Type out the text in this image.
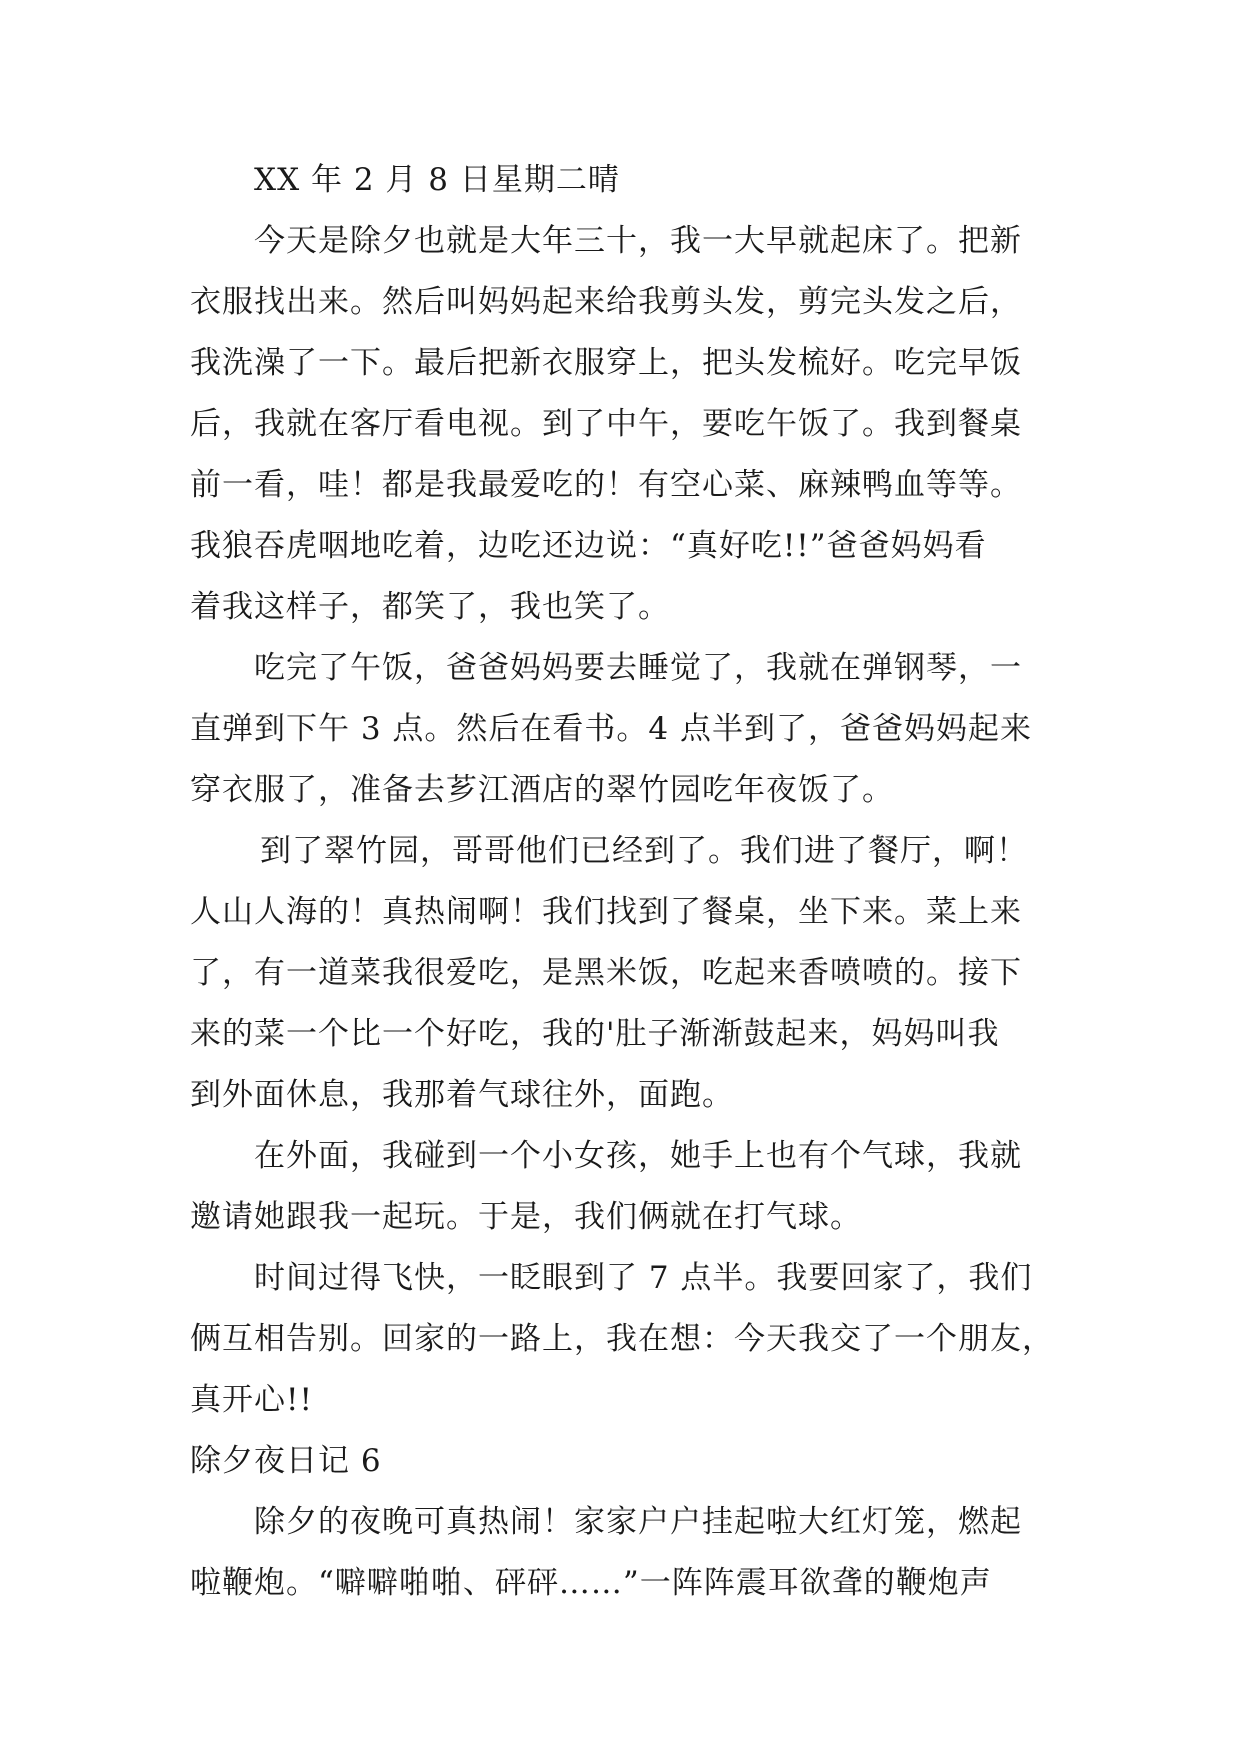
XX 年 2 月 8 日星期二晴
今天是除夕也就是大年三十，我一大早就起床了。把新
衣服找出来。然后叫妈妈起来给我剪头发，剪完头发之后，
我洗澡了一下。最后把新衣服穿上，把头发梳好。吃完早饭
后，我就在客厅看电视。到了中午，要吃午饭了。我到餐桌
前一看，哇！都是我最爱吃的！有空心菜、麻辣鸭血等等。
我狼吞虎咽地吃着，边吃还边说：“真好吃!!”爸爸妈妈看
着我这样子，都笑了，我也笑了。
吃完了午饭，爸爸妈妈要去睡觉了，我就在弹钢琴，一
直弹到下午 3 点。然后在看书。4 点半到了，爸爸妈妈起来
穿衣服了，准备去芗江酒店的翠竹园吃年夜饭了。
到了翠竹园，哥哥他们已经到了。我们进了餐厅，啊！
人山人海的！真热闹啊！我们找到了餐桌，坐下来。菜上来
了，有一道菜我很爱吃，是黑米饭，吃起来香喷喷的。接下
来的菜一个比一个好吃，我的'肚子渐渐鼓起来，妈妈叫我
到外面休息，我那着气球往外，面跑。
在外面，我碰到一个小女孩，她手上也有个气球，我就
邀请她跟我一起玩。于是，我们俩就在打气球。
时间过得飞快，一眨眼到了 7 点半。我要回家了，我们
俩互相告别。回家的一路上，我在想：今天我交了一个朋友，
真开心!!
除夕夜日记 6
除夕的夜晚可真热闹！家家户户挂起啦大红灯笼，燃起
啦鞭炮。“噼噼啪啪、砰砰……”一阵阵震耳欲聋的鞭炮声
